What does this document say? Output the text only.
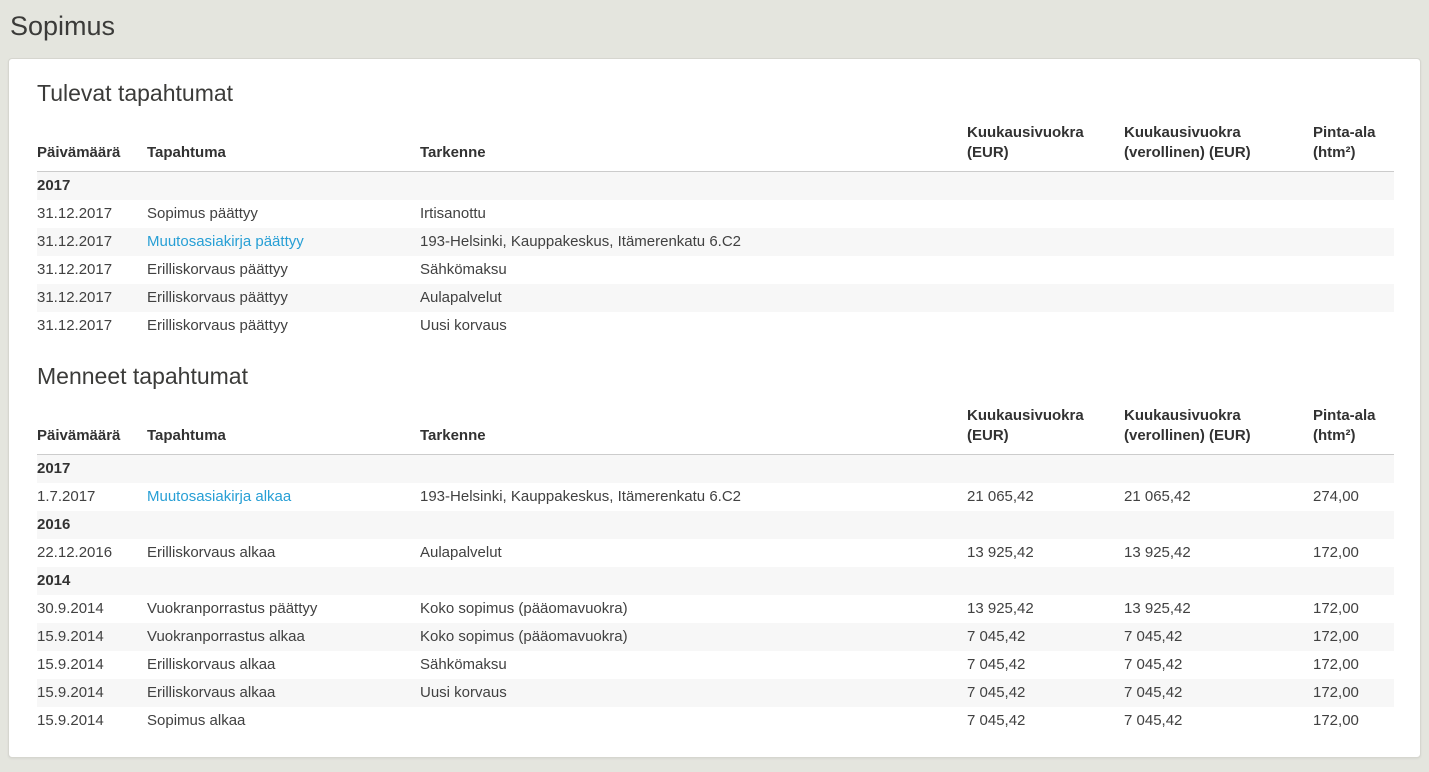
Sopimus
Tulevat tapahtumat
Päivämäärä	Tapahtuma	Tarkenne	Kuukausivuokra (EUR)	Kuukausivuokra (verollinen) (EUR)	Pinta-ala (htm²)
2017					
31.12.2017	Sopimus päättyy	Irtisanottu			
31.12.2017	Muutosasiakirja päättyy	193-Helsinki, Kauppakeskus, Itämerenkatu 6.C2			
31.12.2017	Erilliskorvaus päättyy	Sähkömaksu			
31.12.2017	Erilliskorvaus päättyy	Aulapalvelut			
31.12.2017	Erilliskorvaus päättyy	Uusi korvaus			
Menneet tapahtumat
Päivämäärä	Tapahtuma	Tarkenne	Kuukausivuokra (EUR)	Kuukausivuokra (verollinen) (EUR)	Pinta-ala (htm²)
2017					
1.7.2017	Muutosasiakirja alkaa	193-Helsinki, Kauppakeskus, Itämerenkatu 6.C2	21 065,42	21 065,42	274,00
2016					
22.12.2016	Erilliskorvaus alkaa	Aulapalvelut	13 925,42	13 925,42	172,00
2014					
30.9.2014	Vuokranporrastus päättyy	Koko sopimus (pääomavuokra)	13 925,42	13 925,42	172,00
15.9.2014	Vuokranporrastus alkaa	Koko sopimus (pääomavuokra)	7 045,42	7 045,42	172,00
15.9.2014	Erilliskorvaus alkaa	Sähkömaksu	7 045,42	7 045,42	172,00
15.9.2014	Erilliskorvaus alkaa	Uusi korvaus	7 045,42	7 045,42	172,00
15.9.2014	Sopimus alkaa		7 045,42	7 045,42	172,00
